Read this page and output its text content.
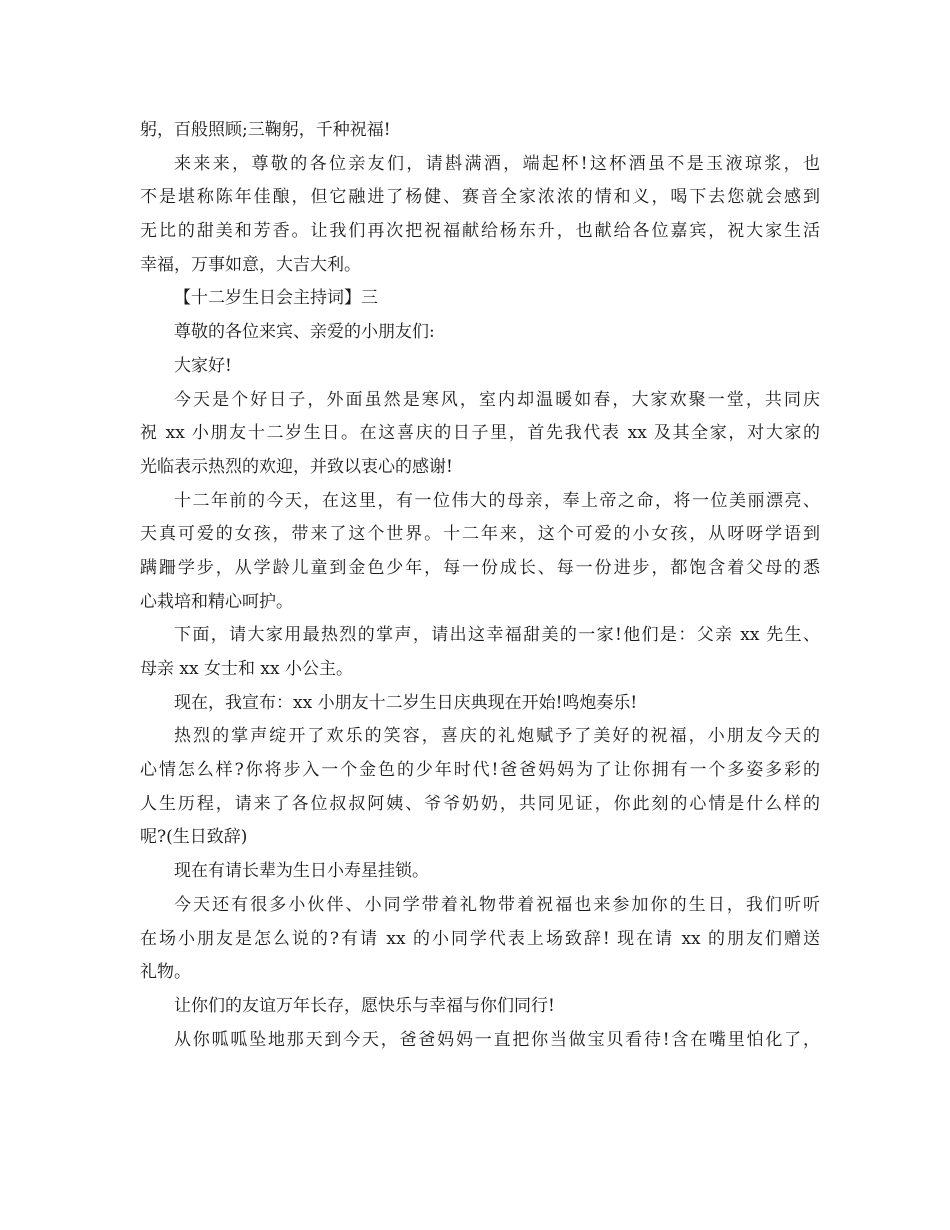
躬，百般照顾;三鞠躬，千种祝福!
来来来，尊敬的各位亲友们，请斟满酒，端起杯!这杯酒虽不是玉液琼浆，也
不是堪称陈年佳酿，但它融进了杨健、赛音全家浓浓的情和义，喝下去您就会感到
无比的甜美和芳香。让我们再次把祝福献给杨东升，也献给各位嘉宾，祝大家生活
幸福，万事如意，大吉大利。
【十二岁生日会主持词】三
尊敬的各位来宾、亲爱的小朋友们:
大家好!
今天是个好日子，外面虽然是寒风，室内却温暖如春，大家欢聚一堂，共同庆
祝 xx 小朋友十二岁生日。在这喜庆的日子里，首先我代表 xx 及其全家，对大家的
光临表示热烈的欢迎，并致以衷心的感谢!
十二年前的今天，在这里，有一位伟大的母亲，奉上帝之命，将一位美丽漂亮、
天真可爱的女孩，带来了这个世界。十二年来，这个可爱的小女孩，从呀呀学语到
蹒跚学步，从学龄儿童到金色少年，每一份成长、每一份进步，都饱含着父母的悉
心栽培和精心呵护。
下面，请大家用最热烈的掌声，请出这幸福甜美的一家!他们是：父亲 xx 先生、
母亲 xx 女士和 xx 小公主。
现在，我宣布：xx 小朋友十二岁生日庆典现在开始!鸣炮奏乐!
热烈的掌声绽开了欢乐的笑容，喜庆的礼炮赋予了美好的祝福，小朋友今天的
心情怎么样?你将步入一个金色的少年时代!爸爸妈妈为了让你拥有一个多姿多彩的
人生历程，请来了各位叔叔阿姨、爷爷奶奶，共同见证，你此刻的心情是什么样的
呢?(生日致辞)
现在有请长辈为生日小寿星挂锁。
今天还有很多小伙伴、小同学带着礼物带着祝福也来参加你的生日，我们听听
在场小朋友是怎么说的?有请 xx 的小同学代表上场致辞! 现在请 xx 的朋友们赠送
礼物。
让你们的友谊万年长存，愿快乐与幸福与你们同行!
从你呱呱坠地那天到今天，爸爸妈妈一直把你当做宝贝看待!含在嘴里怕化了，
